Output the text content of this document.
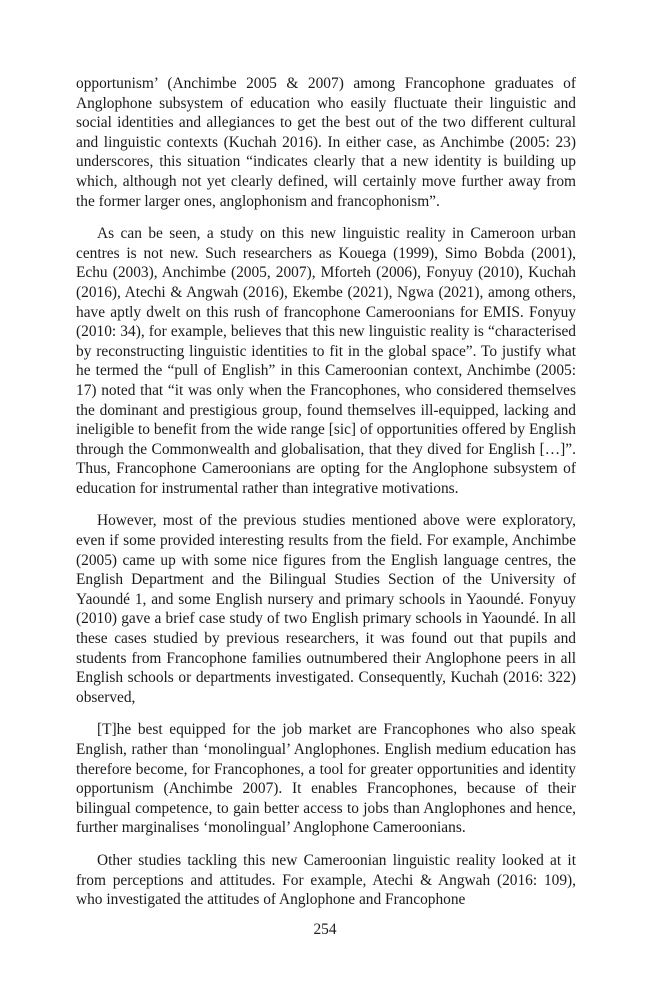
opportunism’ (Anchimbe 2005 & 2007) among Francophone graduates of Anglophone subsystem of education who easily fluctuate their linguistic and social identities and allegiances to get the best out of the two different cultural and linguistic contexts (Kuchah 2016). In either case, as Anchimbe (2005: 23) underscores, this situation “indicates clearly that a new identity is building up which, although not yet clearly defined, will certainly move further away from the former larger ones, anglophonism and francophonism”.

As can be seen, a study on this new linguistic reality in Cameroon urban centres is not new. Such researchers as Kouega (1999), Simo Bobda (2001), Echu (2003), Anchimbe (2005, 2007), Mforteh (2006), Fonyuy (2010), Kuchah (2016), Atechi & Angwah (2016), Ekembe (2021), Ngwa (2021), among others, have aptly dwelt on this rush of francophone Cameroonians for EMIS. Fonyuy (2010: 34), for example, believes that this new linguistic reality is “characterised by reconstructing linguistic identities to fit in the global space”. To justify what he termed the “pull of English” in this Cameroonian context, Anchimbe (2005: 17) noted that “it was only when the Francophones, who considered themselves the dominant and prestigious group, found themselves ill-equipped, lacking and ineligible to benefit from the wide range [sic] of opportunities offered by English through the Commonwealth and globalisation, that they dived for English […]”. Thus, Francophone Cameroonians are opting for the Anglophone subsystem of education for instrumental rather than integrative motivations.

However, most of the previous studies mentioned above were exploratory, even if some provided interesting results from the field. For example, Anchimbe (2005) came up with some nice figures from the English language centres, the English Department and the Bilingual Studies Section of the University of Yaoundé 1, and some English nursery and primary schools in Yaoundé. Fonyuy (2010) gave a brief case study of two English primary schools in Yaoundé. In all these cases studied by previous researchers, it was found out that pupils and students from Francophone families outnumbered their Anglophone peers in all English schools or departments investigated. Consequently, Kuchah (2016: 322) observed,

[T]he best equipped for the job market are Francophones who also speak English, rather than ‘monolingual’ Anglophones. English medium education has therefore become, for Francophones, a tool for greater opportunities and identity opportunism (Anchimbe 2007). It enables Francophones, because of their bilingual competence, to gain better access to jobs than Anglophones and hence, further marginalises ‘monolingual’ Anglophone Cameroonians.

Other studies tackling this new Cameroonian linguistic reality looked at it from perceptions and attitudes. For example, Atechi & Angwah (2016: 109), who investigated the attitudes of Anglophone and Francophone

254
